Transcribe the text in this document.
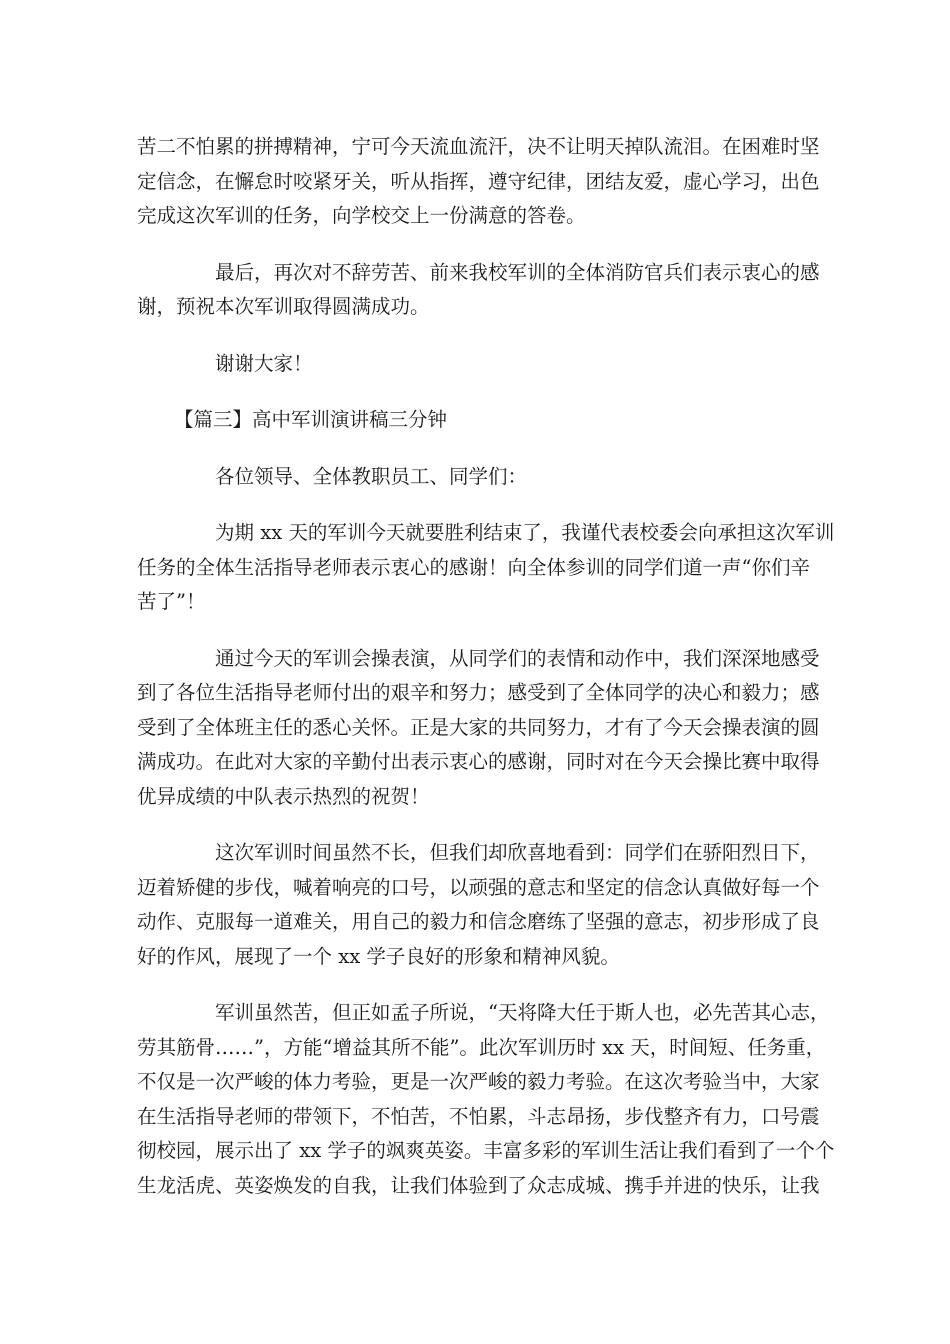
苦二不怕累的拼搏精神，宁可今天流血流汗，决不让明天掉队流泪。在困难时坚
定信念，在懈怠时咬紧牙关，听从指挥，遵守纪律，团结友爱，虚心学习，出色
完成这次军训的任务，向学校交上一份满意的答卷。

最后，再次对不辞劳苦、前来我校军训的全体消防官兵们表示衷心的感
谢，预祝本次军训取得圆满成功。

谢谢大家！

【篇三】高中军训演讲稿三分钟

各位领导、全体教职员工、同学们：

为期 xx 天的军训今天就要胜利结束了，我谨代表校委会向承担这次军训
任务的全体生活指导老师表示衷心的感谢！向全体参训的同学们道一声“你们辛
苦了”！

通过今天的军训会操表演，从同学们的表情和动作中，我们深深地感受
到了各位生活指导老师付出的艰辛和努力；感受到了全体同学的决心和毅力；感
受到了全体班主任的悉心关怀。正是大家的共同努力，才有了今天会操表演的圆
满成功。在此对大家的辛勤付出表示衷心的感谢，同时对在今天会操比赛中取得
优异成绩的中队表示热烈的祝贺！

这次军训时间虽然不长，但我们却欣喜地看到：同学们在骄阳烈日下，
迈着矫健的步伐，喊着响亮的口号，以顽强的意志和坚定的信念认真做好每一个
动作、克服每一道难关，用自己的毅力和信念磨练了坚强的意志，初步形成了良
好的作风，展现了一个 xx 学子良好的形象和精神风貌。

军训虽然苦，但正如孟子所说，“天将降大任于斯人也，必先苦其心志，
劳其筋骨……”，方能“增益其所不能”。此次军训历时 xx 天，时间短、任务重，
不仅是一次严峻的体力考验，更是一次严峻的毅力考验。在这次考验当中，大家
在生活指导老师的带领下，不怕苦，不怕累，斗志昂扬，步伐整齐有力，口号震
彻校园，展示出了 xx 学子的飒爽英姿。丰富多彩的军训生活让我们看到了一个个
生龙活虎、英姿焕发的自我，让我们体验到了众志成城、携手并进的快乐，让我
